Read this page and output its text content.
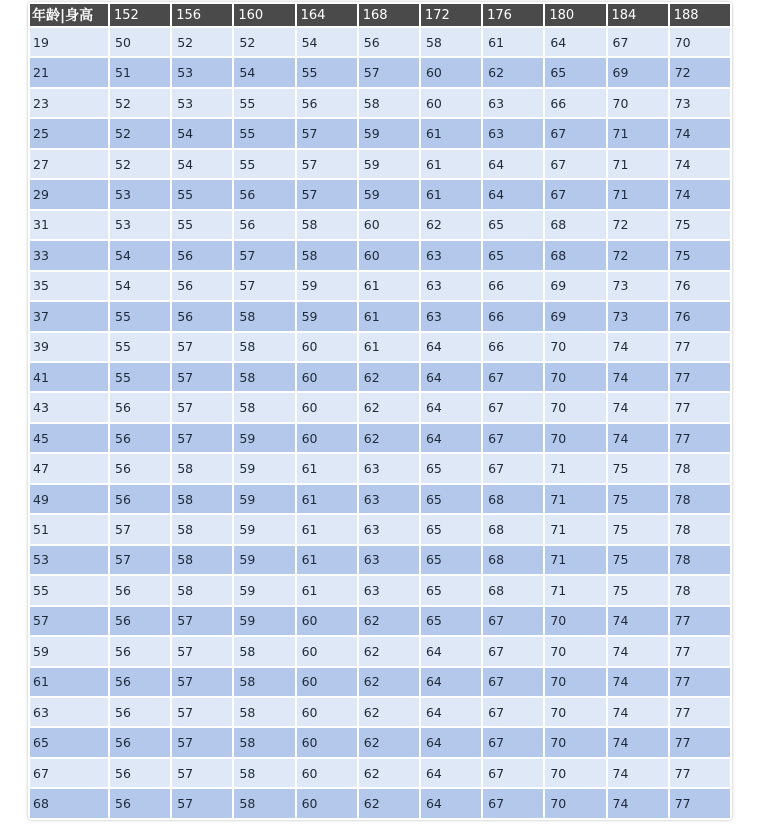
年龄|身高	152	156	160	164	168	172	176	180	184	188
19	50	52	52	54	56	58	61	64	67	70
21	51	53	54	55	57	60	62	65	69	72
23	52	53	55	56	58	60	63	66	70	73
25	52	54	55	57	59	61	63	67	71	74
27	52	54	55	57	59	61	64	67	71	74
29	53	55	56	57	59	61	64	67	71	74
31	53	55	56	58	60	62	65	68	72	75
33	54	56	57	58	60	63	65	68	72	75
35	54	56	57	59	61	63	66	69	73	76
37	55	56	58	59	61	63	66	69	73	76
39	55	57	58	60	61	64	66	70	74	77
41	55	57	58	60	62	64	67	70	74	77
43	56	57	58	60	62	64	67	70	74	77
45	56	57	59	60	62	64	67	70	74	77
47	56	58	59	61	63	65	67	71	75	78
49	56	58	59	61	63	65	68	71	75	78
51	57	58	59	61	63	65	68	71	75	78
53	57	58	59	61	63	65	68	71	75	78
55	56	58	59	61	63	65	68	71	75	78
57	56	57	59	60	62	65	67	70	74	77
59	56	57	58	60	62	64	67	70	74	77
61	56	57	58	60	62	64	67	70	74	77
63	56	57	58	60	62	64	67	70	74	77
65	56	57	58	60	62	64	67	70	74	77
67	56	57	58	60	62	64	67	70	74	77
68	56	57	58	60	62	64	67	70	74	77
